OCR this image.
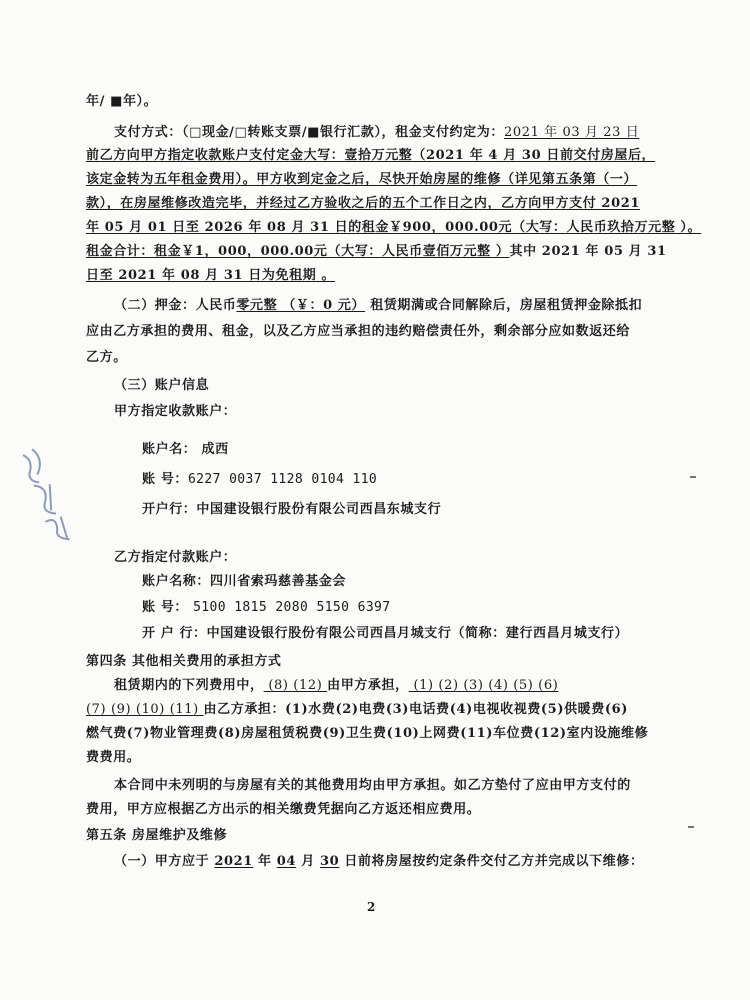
年/ ■年）。
支付方式：（□现金/□转账支票/■银行汇款），租金支付约定为：2021 年 03 月 23 日
前乙方向甲方指定收款账户支付定金大写：壹拾万元整（2021 年 4 月 30 日前交付房屋后，
该定金转为五年租金费用）。甲方收到定金之后，尽快开始房屋的维修（详见第五条第（一）
款），在房屋维修改造完毕，并经过乙方验收之后的五个工作日之内，乙方向甲方支付 2021
年 05 月 01 日至 2026 年 08 月 31 日的租金￥900，000.00元（大写：人民币玖拾万元整 ）。
租金合计：租金￥1，000，000.00元（大写：人民币壹佰万元整 ）其中 2021 年 05 月 31
日至 2021 年 08 月 31 日为免租期 。
（二）押金：人民币零元整 （￥：0 元） 租赁期满或合同解除后，房屋租赁押金除抵扣
应由乙方承担的费用、租金，以及乙方应当承担的违约赔偿责任外，剩余部分应如数返还给
乙方。
（三）账户信息
甲方指定收款账户：
账户名： 成西
账 号：6227 0037 1128 0104 110
开户行：中国建设银行股份有限公司西昌东城支行
乙方指定付款账户：
账户名称：四川省索玛慈善基金会
账 号： 5100 1815 2080 5150 6397
开 户 行：中国建设银行股份有限公司西昌月城支行（简称：建行西昌月城支行）
第四条 其他相关费用的承担方式
租赁期内的下列费用中， (8) (12) 由甲方承担， (1) (2) (3) (4) (5) (6)
(7) (9) (10) (11) 由乙方承担：(1)水费(2)电费(3)电话费(4)电视收视费(5)供暖费(6)
燃气费(7)物业管理费(8)房屋租赁税费(9)卫生费(10)上网费(11)车位费(12)室内设施维修
费费用。
本合同中未列明的与房屋有关的其他费用均由甲方承担。如乙方垫付了应由甲方支付的
费用，甲方应根据乙方出示的相关缴费凭据向乙方返还相应费用。
第五条 房屋维护及维修
（一）甲方应于 2021 年 04 月 30 日前将房屋按约定条件交付乙方并完成以下维修：
2
